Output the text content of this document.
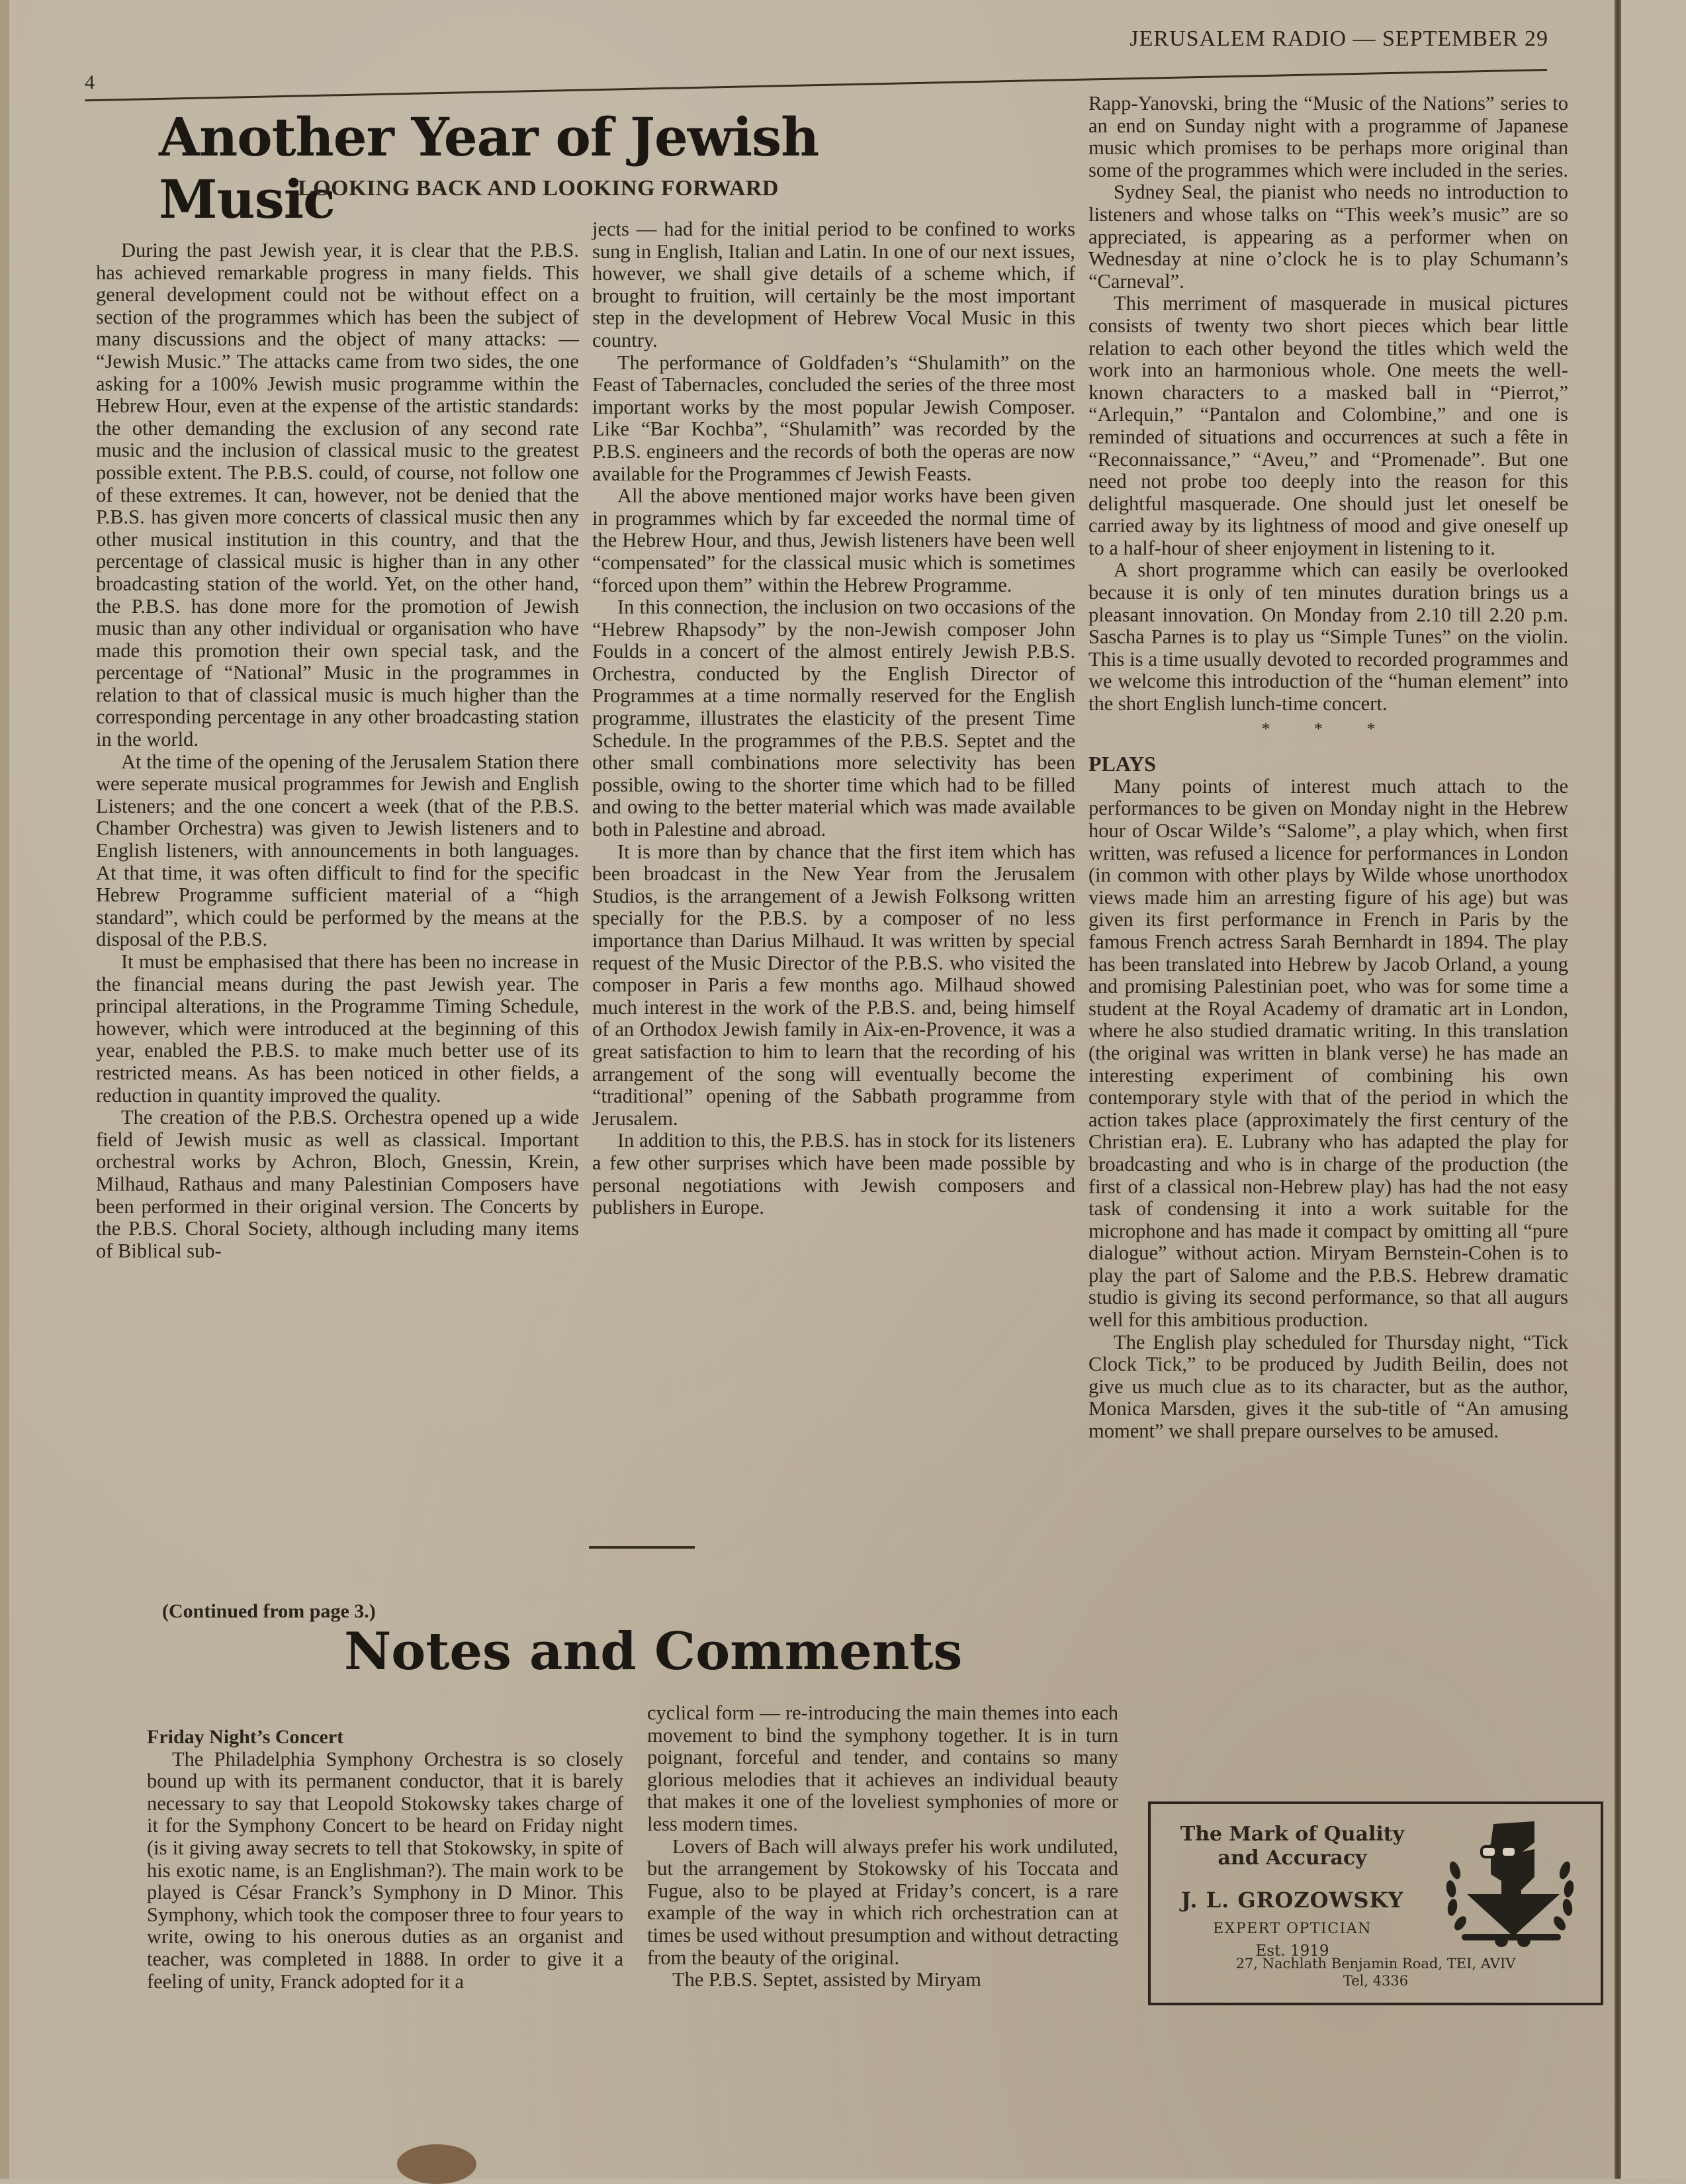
JERUSALEM RADIO — SEPTEMBER 29
4
Another Year of Jewish Music
LOOKING BACK AND LOOKING FORWARD

During the past Jewish year, it is clear that the P.B.S. has achieved remarkable progress in many fields. This general development could not be without effect on a section of the programmes which has been the subject of many discussions and the object of many attacks: — “Jewish Music.” The attacks came from two sides, the one asking for a 100% Jewish music programme within the Hebrew Hour, even at the expense of the artistic standards: the other demanding the exclusion of any second rate music and the inclusion of classical music to the greatest possible extent. The P.B.S. could, of course, not follow one of these extremes. It can, however, not be denied that the P.B.S. has given more concerts of classical music then any other musical institution in this country, and that the percentage of classical music is higher than in any other broadcasting station of the world. Yet, on the other hand, the P.B.S. has done more for the promotion of Jewish music than any other individual or organisation who have made this promotion their own special task, and the percentage of “National” Music in the programmes in relation to that of classical music is much higher than the corresponding percentage in any other broadcasting station in the world.

At the time of the opening of the Jerusalem Station there were seperate musical programmes for Jewish and English Listeners; and the one concert a week (that of the P.B.S. Chamber Orchestra) was given to Jewish listeners and to English listeners, with announcements in both languages. At that time, it was often difficult to find for the specific Hebrew Programme sufficient material of a “high standard”, which could be performed by the means at the disposal of the P.B.S.

It must be emphasised that there has been no increase in the financial means during the past Jewish year. The principal alterations, in the Programme Timing Schedule, however, which were introduced at the beginning of this year, enabled the P.B.S. to make much better use of its restricted means. As has been noticed in other fields, a reduction in quantity improved the quality.

The creation of the P.B.S. Orchestra opened up a wide field of Jewish music as well as classical. Important orchestral works by Achron, Bloch, Gnessin, Krein, Milhaud, Rathaus and many Palestinian Composers have been performed in their original version. The Concerts by the P.B.S. Choral Society, although including many items of Biblical sub-

jects — had for the initial period to be confined to works sung in English, Italian and Latin. In one of our next issues, however, we shall give details of a scheme which, if brought to fruition, will certainly be the most important step in the development of Hebrew Vocal Music in this country.

The performance of Goldfaden’s “Shulamith” on the Feast of Tabernacles, concluded the series of the three most important works by the most popular Jewish Composer. Like “Bar Kochba”, “Shulamith” was recorded by the P.B.S. engineers and the records of both the operas are now available for the Programmes cf Jewish Feasts.

All the above mentioned major works have been given in programmes which by far exceeded the normal time of the Hebrew Hour, and thus, Jewish listeners have been well “compensated” for the classical music which is sometimes “forced upon them” within the Hebrew Programme.

In this connection, the inclusion on two occasions of the “Hebrew Rhapsody” by the non-Jewish composer John Foulds in a concert of the almost entirely Jewish P.B.S. Orchestra, conducted by the English Director of Programmes at a time normally reserved for the English programme, illustrates the elasticity of the present Time Schedule. In the programmes of the P.B.S. Septet and the other small combinations more selectivity has been possible, owing to the shorter time which had to be filled and owing to the better material which was made available both in Palestine and abroad.

It is more than by chance that the first item which has been broadcast in the New Year from the Jerusalem Studios, is the arrangement of a Jewish Folksong written specially for the P.B.S. by a composer of no less importance than Darius Milhaud. It was written by special request of the Music Director of the P.B.S. who visited the composer in Paris a few months ago. Milhaud showed much interest in the work of the P.B.S. and, being himself of an Orthodox Jewish family in Aix-en-Provence, it was a great satisfaction to him to learn that the recording of his arrangement of the song will eventually become the “traditional” opening of the Sabbath programme from Jerusalem.

In addition to this, the P.B.S. has in stock for its listeners a few other surprises which have been made possible by personal negotiations with Jewish composers and publishers in Europe.

Rapp-Yanovski, bring the “Music of the Nations” series to an end on Sunday night with a programme of Japanese music which promises to be perhaps more original than some of the programmes which were included in the series.

Sydney Seal, the pianist who needs no introduction to listeners and whose talks on “This week’s music” are so appreciated, is appearing as a performer when on Wednesday at nine o’clock he is to play Schumann’s “Carneval”.

This merriment of masquerade in musical pictures consists of twenty two short pieces which bear little relation to each other beyond the titles which weld the work into an harmonious whole. One meets the well-known characters to a masked ball in “Pierrot,” “Arlequin,” “Pantalon and Colombine,” and one is reminded of situations and occurrences at such a fête in “Reconnaissance,” “Aveu,” and “Promenade”. But one need not probe too deeply into the reason for this delightful masquerade. One should just let oneself be carried away by its lightness of mood and give oneself up to a half-hour of sheer enjoyment in listening to it.

A short programme which can easily be overlooked because it is only of ten minutes duration brings us a pleasant innovation. On Monday from 2.10 till 2.20 p.m. Sascha Parnes is to play us “Simple Tunes” on the violin. This is a time usually devoted to recorded programmes and we welcome this introduction of the “human element” into the short English lunch-time concert.

* * *
PLAYS

Many points of interest much attach to the performances to be given on Monday night in the Hebrew hour of Oscar Wilde’s “Salome”, a play which, when first written, was refused a licence for performances in London (in common with other plays by Wilde whose unorthodox views made him an arresting figure of his age) but was given its first performance in French in Paris by the famous French actress Sarah Bernhardt in 1894. The play has been translated into Hebrew by Jacob Orland, a young and promising Palestinian poet, who was for some time a student at the Royal Academy of dramatic art in London, where he also studied dramatic writing. In this translation (the original was written in blank verse) he has made an interesting experiment of combining his own contemporary style with that of the period in which the action takes place (approximately the first century of the Christian era). E. Lubrany who has adapted the play for broadcasting and who is in charge of the production (the first of a classical non-Hebrew play) has had the not easy task of condensing it into a work suitable for the microphone and has made it compact by omitting all “pure dialogue” without action. Miryam Bernstein-Cohen is to play the part of Salome and the P.B.S. Hebrew dramatic studio is giving its second performance, so that all augurs well for this ambitious production.

The English play scheduled for Thursday night, “Tick Clock Tick,” to be produced by Judith Beilin, does not give us much clue as to its character, but as the author, Monica Marsden, gives it the sub-title of “An amusing moment” we shall prepare ourselves to be amused.

(Continued from page 3.)
Notes and Comments
Friday Night’s Concert

The Philadelphia Symphony Orchestra is so closely bound up with its permanent conductor, that it is barely necessary to say that Leopold Stokowsky takes charge of it for the Symphony Concert to be heard on Friday night (is it giving away secrets to tell that Stokowsky, in spite of his exotic name, is an Englishman?). The main work to be played is César Franck’s Symphony in D Minor. This Symphony, which took the composer three to four years to write, owing to his onerous duties as an organist and teacher, was completed in 1888. In order to give it a feeling of unity, Franck adopted for it a

cyclical form — re-introducing the main themes into each movement to bind the symphony together. It is in turn poignant, forceful and tender, and contains so many glorious melodies that it achieves an individual beauty that makes it one of the loveliest symphonies of more or less modern times.

Lovers of Bach will always prefer his work undiluted, but the arrangement by Stokowsky of his Toccata and Fugue, also to be played at Friday’s concert, is a rare example of the way in which rich orchestration can at times be used without presumption and without detracting from the beauty of the original.

The P.B.S. Septet, assisted by Miryam

The Mark of Quality
and Accuracy
J. L. GROZOWSKY
EXPERT OPTICIAN
Est. 1919
27, Nachlath Benjamin Road, TEI, AVIV
Tel, 4336
